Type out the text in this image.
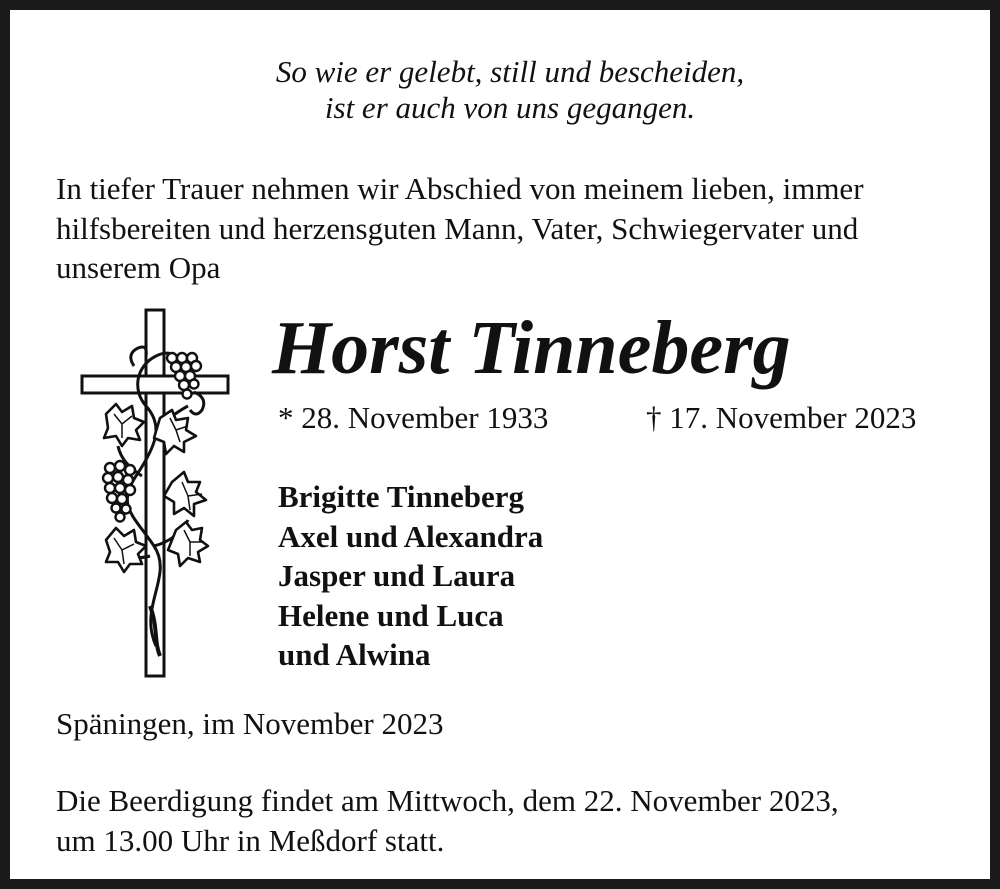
So wie er gelebt, still und bescheiden,
ist er auch von uns gegangen.
In tiefer Trauer nehmen wir Abschied von meinem lieben, immer
hilfsbereiten und herzensguten Mann, Vater, Schwiegervater und
unserem Opa
Horst Tinneberg
* 28. November 1933	† 17. November 2023
Brigitte Tinneberg
Axel und Alexandra
Jasper und Laura
Helene und Luca
und Alwina
Späningen, im November 2023
Die Beerdigung findet am Mittwoch, dem 22. November 2023,
um 13.00 Uhr in Meßdorf statt.
